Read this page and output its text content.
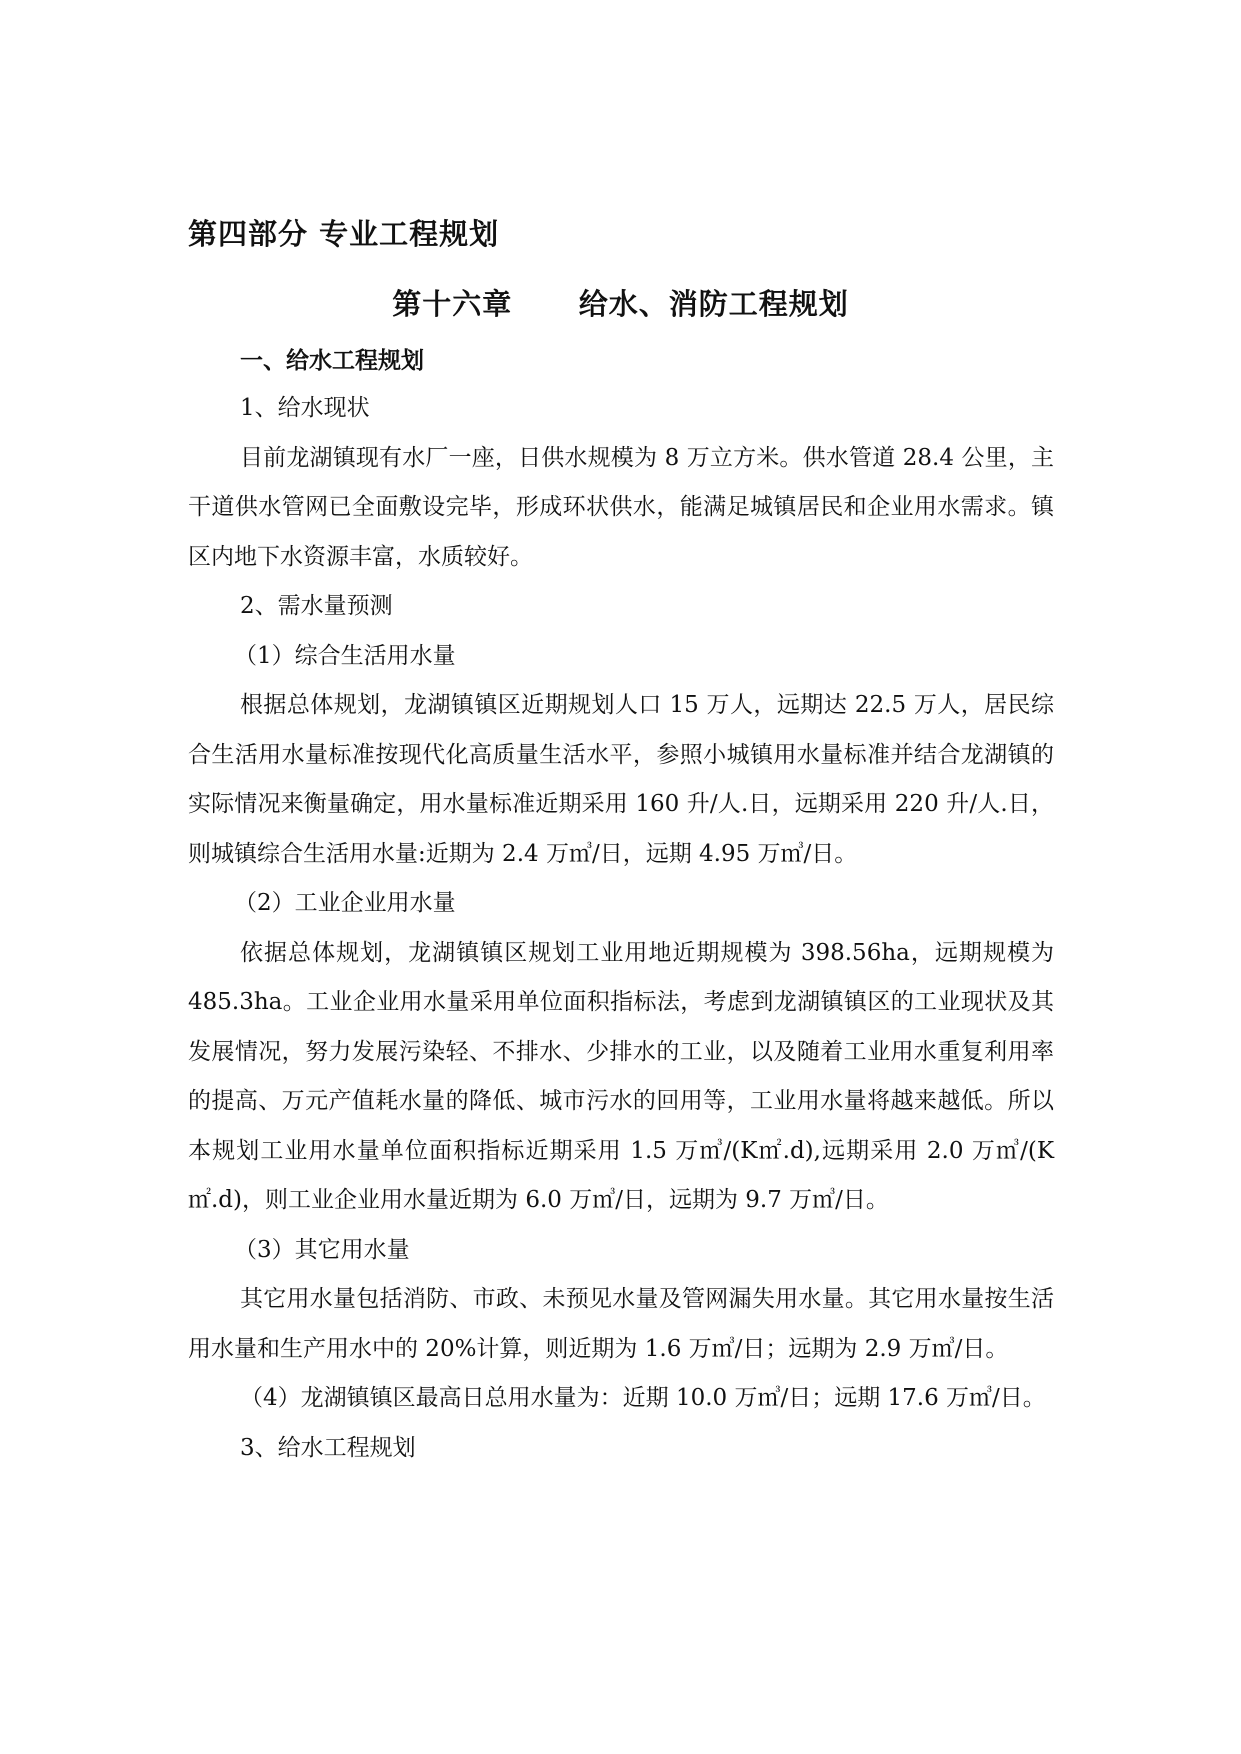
第四部分 专业工程规划
第十六章      给水、消防工程规划
一、给水工程规划

1、给水现状

目前龙湖镇现有水厂一座，日供水规模为 8 万立方米。供水管道 28.4 公里，主干道供水管网已全面敷设完毕，形成环状供水，能满足城镇居民和企业用水需求。镇区内地下水资源丰富，水质较好。

2、需水量预测

（1）综合生活用水量

根据总体规划，龙湖镇镇区近期规划人口 15 万人，远期达 22.5 万人，居民综合生活用水量标准按现代化高质量生活水平，参照小城镇用水量标准并结合龙湖镇的实际情况来衡量确定，用水量标准近期采用 160 升/人.日，远期采用 220 升/人.日，则城镇综合生活用水量:近期为 2.4 万㎥/日，远期 4.95 万㎥/日。

（2）工业企业用水量

依据总体规划，龙湖镇镇区规划工业用地近期规模为 398.56ha，远期规模为 485.3ha。工业企业用水量采用单位面积指标法，考虑到龙湖镇镇区的工业现状及其发展情况，努力发展污染轻、不排水、少排水的工业，以及随着工业用水重复利用率的提高、万元产值耗水量的降低、城市污水的回用等，工业用水量将越来越低。所以本规划工业用水量单位面积指标近期采用 1.5 万㎥/(K㎡.d),远期采用 2.0 万㎥/(K㎡.d)，则工业企业用水量近期为 6.0 万㎥/日，远期为 9.7 万㎥/日。

（3）其它用水量

其它用水量包括消防、市政、未预见水量及管网漏失用水量。其它用水量按生活用水量和生产用水中的 20%计算，则近期为 1.6 万㎥/日；远期为 2.9 万㎥/日。

（4）龙湖镇镇区最高日总用水量为：近期 10.0 万㎥/日；远期 17.6 万㎥/日。

3、给水工程规划
